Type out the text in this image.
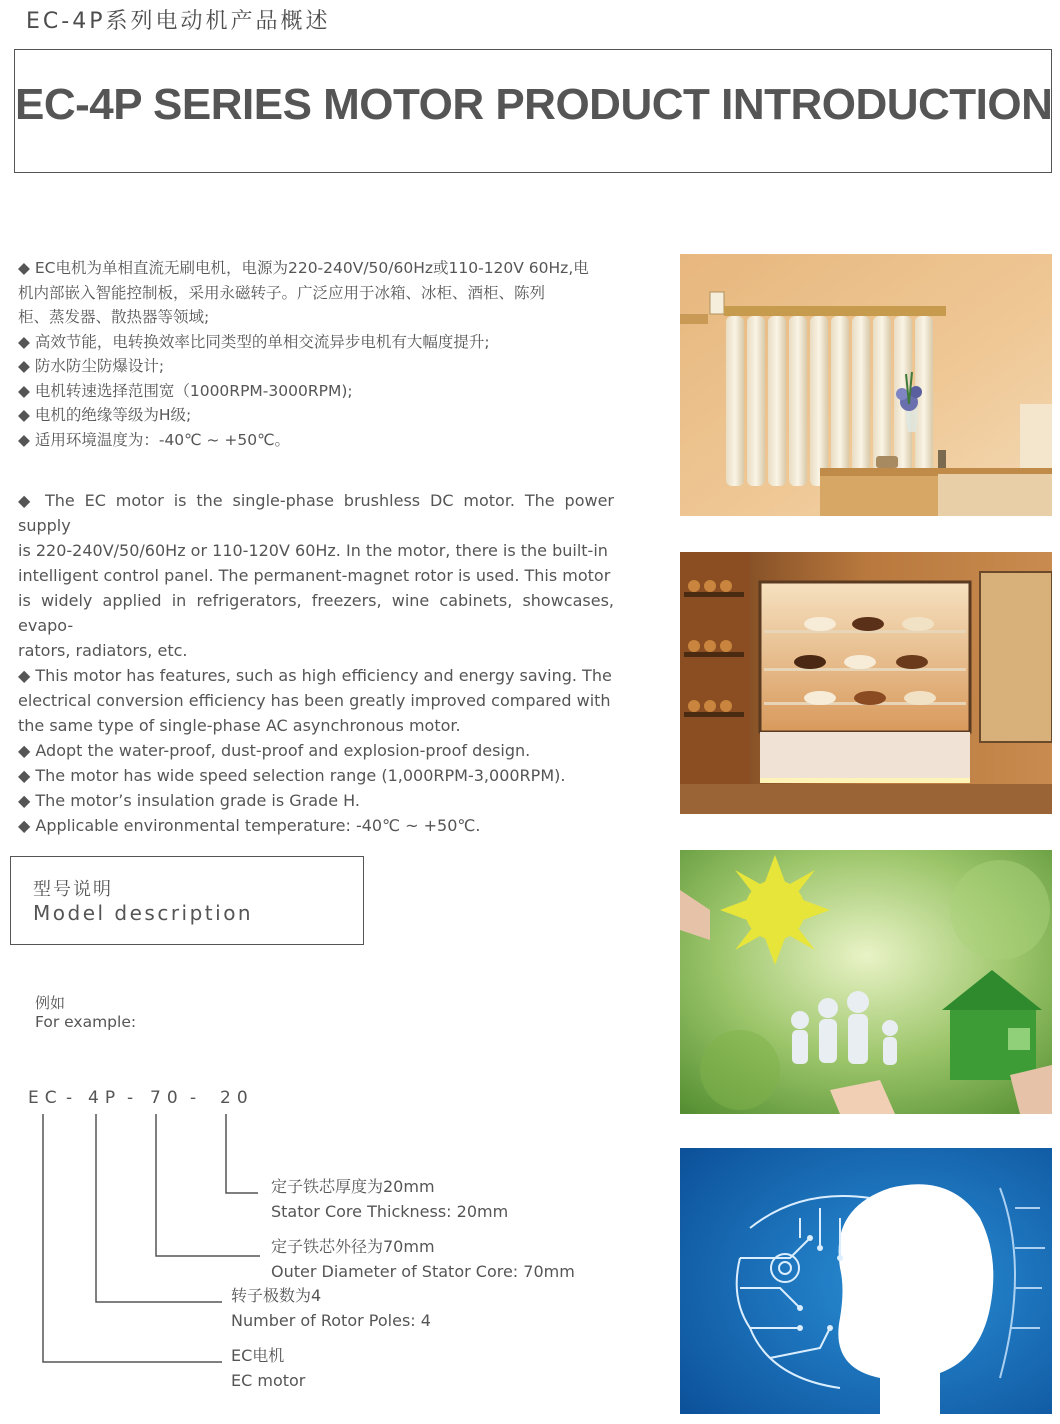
EC-4P系列电动机产品概述
EC-4P SERIES MOTOR PRODUCT INTRODUCTION

◆ EC电机为单相直流无刷电机，电源为220-240V/50/60Hz或110-120V 60Hz,电

机内部嵌入智能控制板，采用永磁转子。广泛应用于冰箱、冰柜、酒柜、陈列

柜、蒸发器、散热器等领域;

◆ 高效节能，电转换效率比同类型的单相交流异步电机有大幅度提升;

◆ 防水防尘防爆设计;

◆ 电机转速选择范围宽（1000RPM-3000RPM);

◆ 电机的绝缘等级为H级;

◆ 适用环境温度为：-40℃ ~ +50℃。

◆ The EC motor is the single-phase brushless DC motor. The power supply

is 220-240V/50/60Hz or 110-120V 60Hz. In the motor, there is the built-in

intelligent control panel. The permanent-magnet rotor is used. This motor

is widely applied in refrigerators, freezers, wine cabinets, showcases, evapo-

rators, radiators, etc.

◆ This motor has features, such as high efficiency and energy saving. The

electrical conversion efficiency has been greatly improved compared with

the same type of single-phase AC asynchronous motor.

◆ Adopt the water-proof, dust-proof and explosion-proof design.

◆ The motor has wide speed selection range (1,000RPM-3,000RPM).

◆ The motor’s insulation grade is Grade H.

◆ Applicable environmental temperature: -40℃ ~ +50℃.

型号说明
Model description
例如
For example:
EC - 4P - 70 - 20
定子铁芯厚度为20mm
Stator Core Thickness: 20mm
定子铁芯外径为70mm
Outer Diameter of Stator Core: 70mm
转子极数为4
Number of Rotor Poles: 4
EC电机
EC motor
